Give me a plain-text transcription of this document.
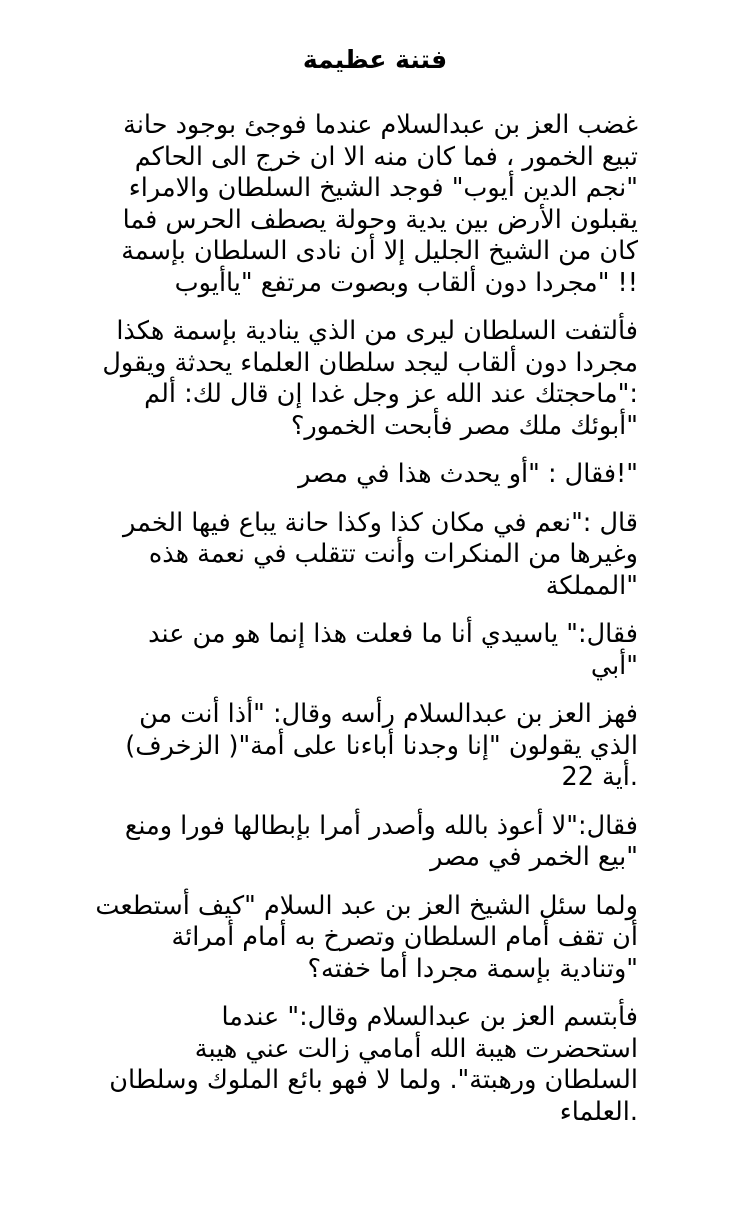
فتنة عظيمة

غضب العز بن عبدالسلام عندما فوجئ بوجود حانة
تبيع الخمور ، فما كان منه الا ان خرج الى الحاكم
"نجم الدين أيوب" فوجد الشيخ السلطان والامراء
يقبلون الأرض بين يدية وحولة يصطف الحرس فما
كان من الشيخ الجليل إلا أن نادى السلطان بإسمة
!! "مجردا دون ألقاب وبصوت مرتفع "ياأيوب

فألتفت السلطان ليرى من الذي ينادية بإسمة هكذا
مجردا دون ألقاب ليجد سلطان العلماء يحدثة ويقول
:"ماحجتك عند الله عز وجل غدا إن قال لك: ألم
"أبوئك ملك مصر فأبحت الخمور؟

"!فقال : "أو يحدث هذا في مصر

قال :"نعم في مكان كذا وكذا حانة يباع فيها الخمر
وغيرها من المنكرات وأنت تتقلب في نعمة هذه
"المملكة

فقال:" ياسيدي أنا ما فعلت هذا إنما هو من عند
"أبي

فهز العز بن عبدالسلام رأسه وقال: "أذا أنت من
الذي يقولون "إنا وجدنا أباءنا على أمة"( الزخرف)
.أية 22

فقال:"لا أعوذ بالله وأصدر أمرا بإبطالها فورا ومنع
"بيع الخمر في مصر

ولما سئل الشيخ العز بن عبد السلام "كيف أستطعت
أن تقف أمام السلطان وتصرخ به أمام أمرائة
"وتنادية بإسمة مجردا أما خفته؟

فأبتسم العز بن عبدالسلام وقال:" عندما
استحضرت هيبة الله أمامي زالت عني هيبة
السلطان ورهبتة". ولما لا فهو بائع الملوك وسلطان
.العلماء
